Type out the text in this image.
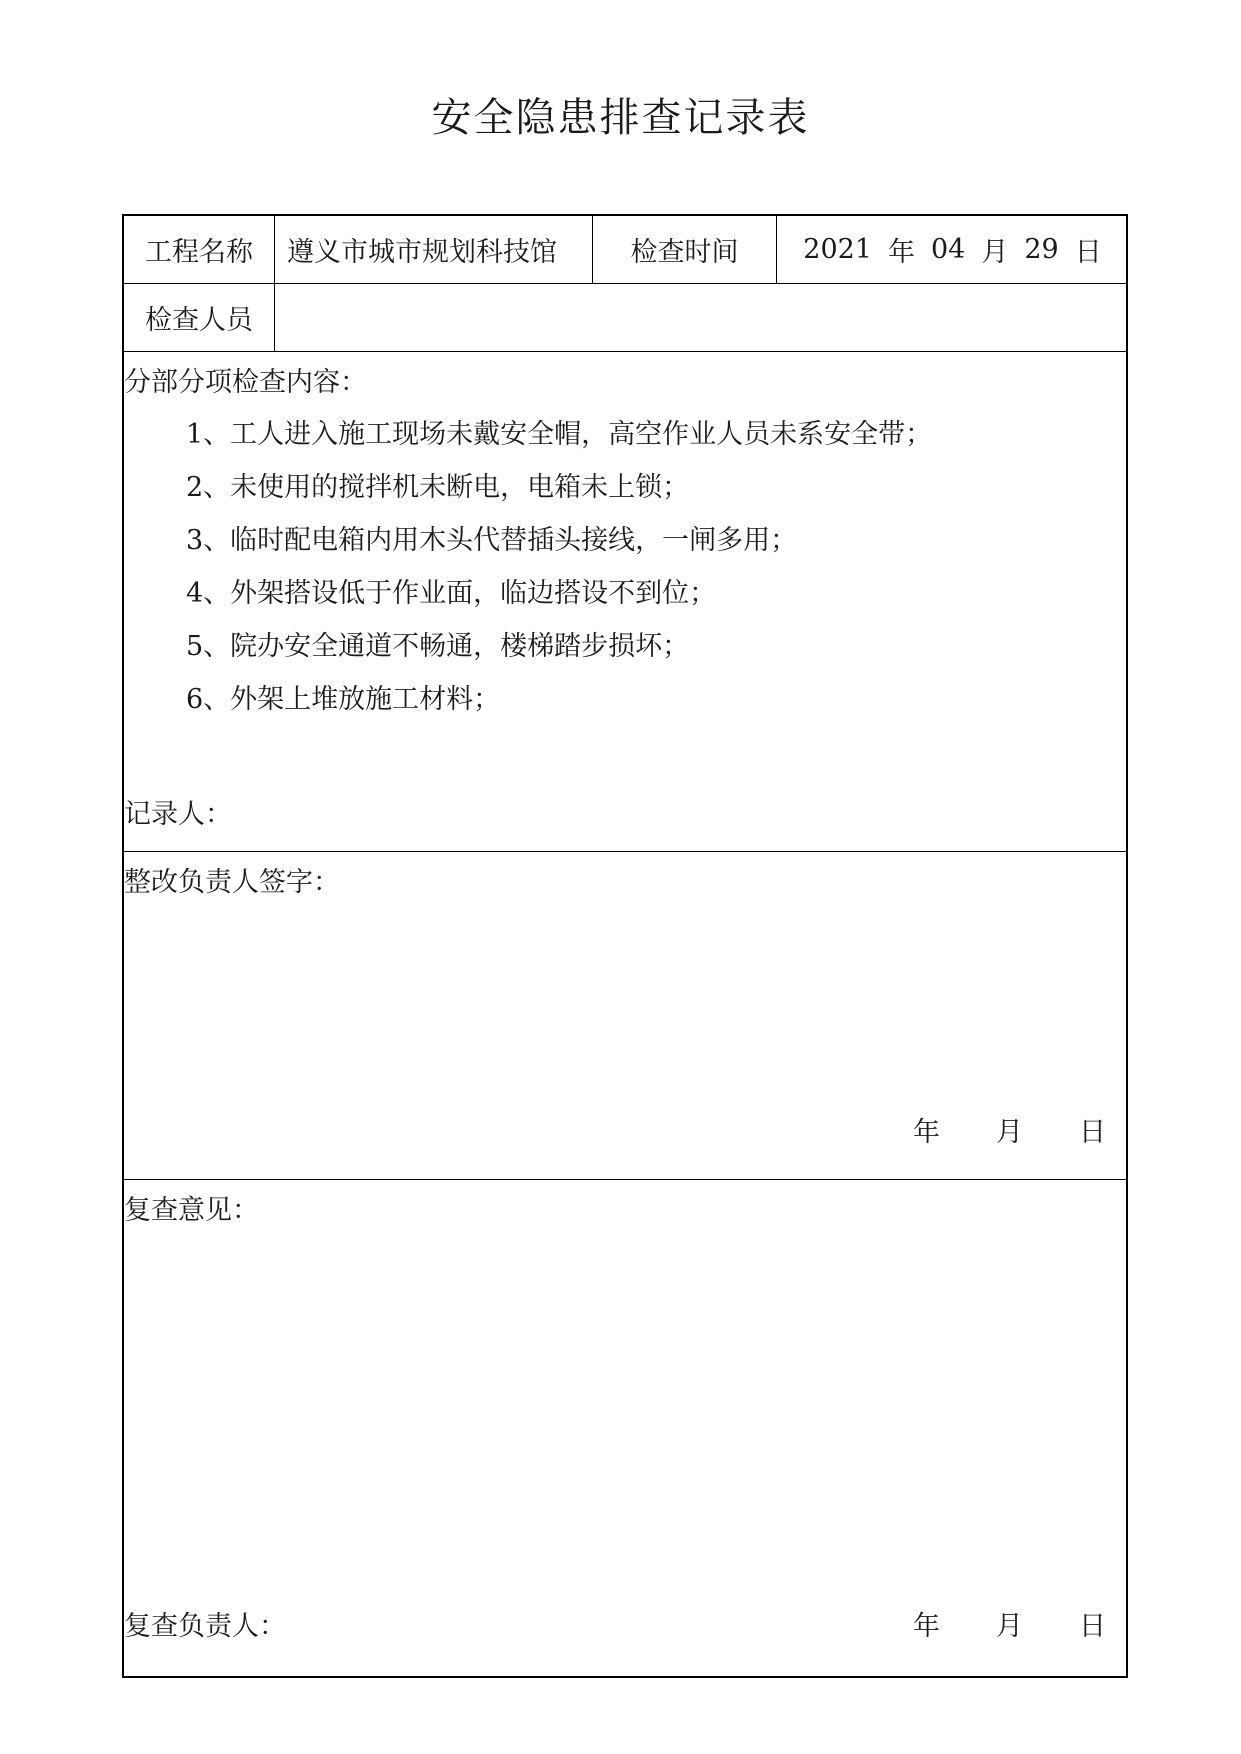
安全隐患排查记录表
工程名称	遵义市城市规划科技馆	检查时间	2021 年 04 月 29 日
检查人员
分部分项检查内容：
1、工人进入施工现场未戴安全帽，高空作业人员未系安全带；
2、未使用的搅拌机未断电，电箱未上锁；
3、临时配电箱内用木头代替插头接线，一闸多用；
4、外架搭设低于作业面，临边搭设不到位；
5、院办安全通道不畅通，楼梯踏步损坏；
6、外架上堆放施工材料；
记录人：
整改负责人签字：
年 月 日
复查意见：
复查负责人：	年 月 日
